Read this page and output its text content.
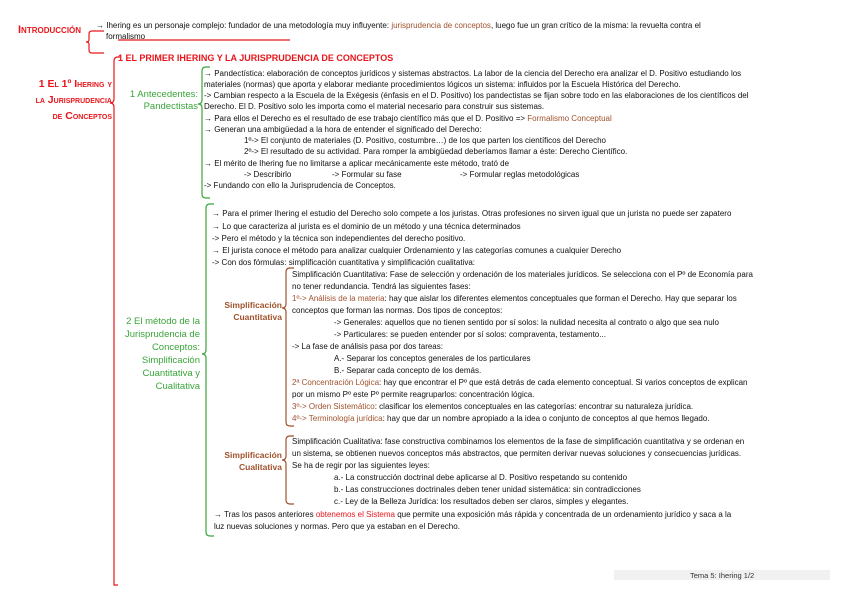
Introducción → Ihering es un personaje complejo: fundador de una metodología muy influyente: jurisprudencia de conceptos, luego fue un gran crítico de la misma: la revuelta contra el
formalismo
1 El 1º Ihering y
la Jurisprudencia
de Conceptos
1 EL PRIMER IHERING Y LA JURISPRUDENCIA DE CONCEPTOS
1 Antecedentes:
Pandectistas
→ Pandectística: elaboración de conceptos jurídicos y sistemas abstractos. La labor de la ciencia del Derecho era analizar el D. Positivo estudiando los
materiales (normas) que aporta y elaborar mediante procedimientos lógicos un sistema: influidos por la Escuela Histórica del Derecho.
-> Cambian respecto a la Escuela de la Exégesis (énfasis en el D. Positivo) los pandectistas se fijan sobre todo en las elaboraciones de los científicos del
Derecho. El D. Positivo solo les importa como el material necesario para construir sus sistemas.
→ Para ellos el Derecho es el resultado de ese trabajo científico más que el D. Positivo => Formalismo Conceptual
→ Generan una ambigüedad a la hora de entender el significado del Derecho:
1º-> El conjunto de materiales (D. Positivo, costumbre…) de los que parten los científicos del Derecho
2º-> El resultado de su actividad. Para romper la ambigüedad deberíamos llamar a éste: Derecho Científico.
→ El mérito de Ihering fue no limitarse a aplicar mecánicamente este método, trató de
-> Describirlo	-> Formular su fase	-> Formular reglas metodológicas
-> Fundando con ello la Jurisprudencia de Conceptos.
2 El método de la
Jurisprudencia de
Conceptos:
Simplificación
Cuantitativa y
Cualitativa
→ Para el primer Ihering el estudio del Derecho solo compete a los juristas. Otras profesiones no sirven igual que un jurista no puede ser zapatero
→ Lo que caracteriza al jurista es el dominio de un método y una técnica determinados
-> Pero el método y la técnica son independientes del derecho positivo.
→ El jurista conoce el método para analizar cualquier Ordenamiento y las categorías comunes a cualquier Derecho
-> Con dos fórmulas: simplificación cuantitativa y simplificación cualitativa:
Simplificación
Cuantitativa
Simplificación Cuantitativa: Fase de selección y ordenación de los materiales jurídicos. Se selecciona con el Pº de Economía para
no tener redundancia. Tendrá las siguientes fases:
1º-> Análisis de la materia: hay que aislar los diferentes elementos conceptuales que forman el Derecho. Hay que separar los
conceptos que forman las normas. Dos tipos de conceptos:
-> Generales: aquellos que no tienen sentido por sí solos: la nulidad necesita al contrato o algo que sea nulo
-> Particulares: se pueden entender por sí solos: compraventa, testamento...
-> La fase de análisis pasa por dos tareas:
A.- Separar los conceptos generales de los particulares
B.- Separar cada concepto de los demás.
2ª Concentración Lógica: hay que encontrar el Pº que está detrás de cada elemento conceptual. Si varios conceptos de explican
por un mismo Pº este Pº permite reagruparlos: concentración lógica.
3º-> Orden Sistemático: clasificar los elementos conceptuales en las categorías: encontrar su naturaleza jurídica.
4º-> Terminología jurídica: hay que dar un nombre apropiado a la idea o conjunto de conceptos al que hemos llegado.
Simplificación
Cualitativa
Simplificación Cualitativa: fase constructiva combinamos los elementos de la fase de simplificación cuantitativa y se ordenan en
un sistema, se obtienen nuevos conceptos más abstractos, que permiten derivar nuevas soluciones y consecuencias jurídicas.
Se ha de regir por las siguientes leyes:
a.- La construcción doctrinal debe aplicarse al D. Positivo respetando su contenido
b.- Las construcciones doctrinales deben tener unidad sistemática: sin contradicciones
c.- Ley de la Belleza Jurídica: los resultados deben ser claros, simples y elegantes.
→ Tras los pasos anteriores obtenemos el Sistema que permite una exposición más rápida y concentrada de un ordenamiento jurídico y saca a la
luz nuevas soluciones y normas. Pero que ya estaban en el Derecho.
Tema 5: Ihering 1/2
